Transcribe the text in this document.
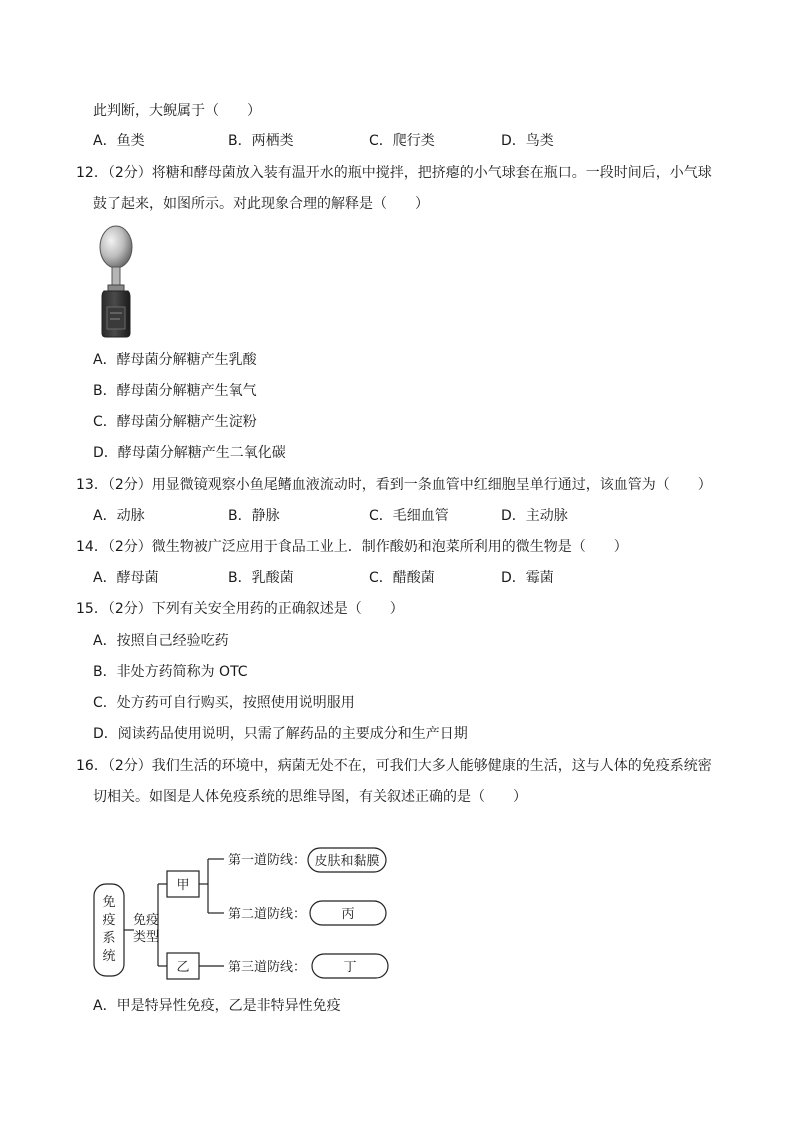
此判断，大鲵属于（　　）
A．鱼类	B．两栖类	C．爬行类	D．鸟类
12．（2分）将糖和酵母菌放入装有温开水的瓶中搅拌，把挤瘪的小气球套在瓶口。一段时间后，小气球
鼓了起来，如图所示。对此现象合理的解释是（　　）
A．酵母菌分解糖产生乳酸
B．酵母菌分解糖产生氧气
C．酵母菌分解糖产生淀粉
D．酵母菌分解糖产生二氧化碳
13．（2分）用显微镜观察小鱼尾鳍血液流动时，看到一条血管中红细胞呈单行通过，该血管为（　　）
A．动脉	B．静脉	C．毛细血管	D．主动脉
14．（2分）微生物被广泛应用于食品工业上．制作酸奶和泡菜所利用的微生物是（　　）
A．酵母菌	B．乳酸菌	C．醋酸菌	D．霉菌
15．（2分）下列有关安全用药的正确叙述是（　　）
A．按照自己经验吃药
B．非处方药简称为 OTC
C．处方药可自行购买，按照使用说明服用
D．阅读药品使用说明，只需了解药品的主要成分和生产日期
16．（2分）我们生活的环境中，病菌无处不在，可我们大多人能够健康的生活，这与人体的免疫系统密
切相关。如图是人体免疫系统的思维导图，有关叙述正确的是（　　）
免
疫
系
统
免疫
类型
甲
乙
第一道防线：
第二道防线：
第三道防线：
皮肤和黏膜
丙
丁
A．甲是特异性免疫，乙是非特异性免疫
